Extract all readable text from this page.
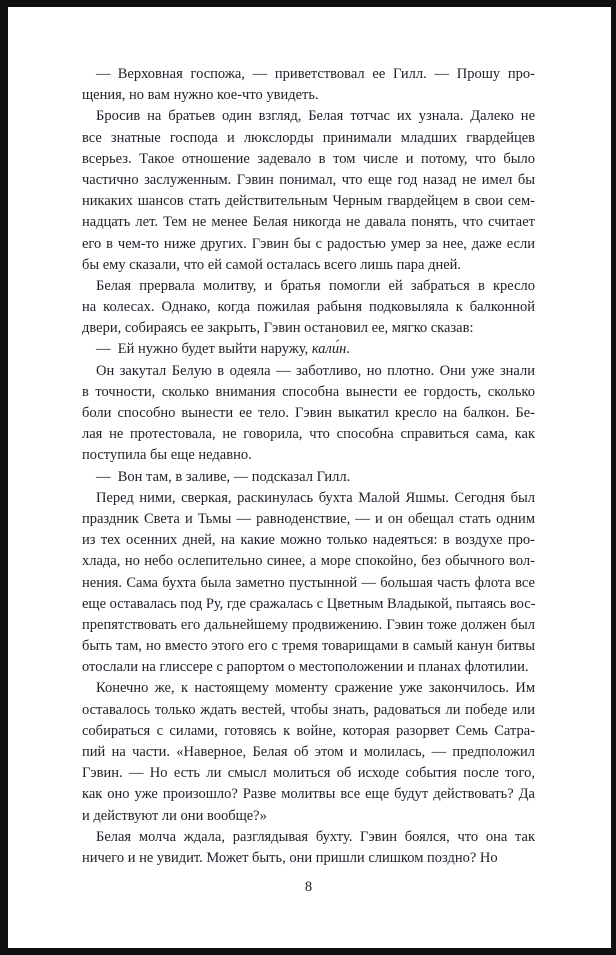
— Верховная госпожа, — приветствовал ее Гилл. — Прошу про-
щения, но вам нужно кое-что увидеть.
Бросив на братьев один взгляд, Белая тотчас их узнала. Далеко не
все знатные господа и люкслорды принимали младших гвардейцев
всерьез. Такое отношение задевало в том числе и потому, что было
частично заслуженным. Гэвин понимал, что еще год назад не имел бы
никаких шансов стать действительным Черным гвардейцем в свои сем-
надцать лет. Тем не менее Белая никогда не давала понять, что считает
его в чем-то ниже других. Гэвин бы с радостью умер за нее, даже если
бы ему сказали, что ей самой осталась всего лишь пара дней.
Белая прервала молитву, и братья помогли ей забраться в кресло
на колесах. Однако, когда пожилая рабыня подковыляла к балконной
двери, собираясь ее закрыть, Гэвин остановил ее, мягко сказав:
— Ей нужно будет выйти наружу, кали́н.
Он закутал Белую в одеяла — заботливо, но плотно. Они уже знали
в точности, сколько внимания способна вынести ее гордость, сколько
боли способно вынести ее тело. Гэвин выкатил кресло на балкон. Бе-
лая не протестовала, не говорила, что способна справиться сама, как
поступила бы еще недавно.
— Вон там, в заливе, — подсказал Гилл.
Перед ними, сверкая, раскинулась бухта Малой Яшмы. Сегодня был
праздник Света и Тьмы — равноденствие, — и он обещал стать одним
из тех осенних дней, на какие можно только надеяться: в воздухе про-
хлада, но небо ослепительно синее, а море спокойно, без обычного вол-
нения. Сама бухта была заметно пустынной — большая часть флота все
еще оставалась под Ру, где сражалась с Цветным Владыкой, пытаясь вос-
препятствовать его дальнейшему продвижению. Гэвин тоже должен был
быть там, но вместо этого его с тремя товарищами в самый канун битвы
отослали на глиссере с рапортом о местоположении и планах флотилии.
Конечно же, к настоящему моменту сражение уже закончилось. Им
оставалось только ждать вестей, чтобы знать, радоваться ли победе или
собираться с силами, готовясь к войне, которая разорвет Семь Сатра-
пий на части. «Наверное, Белая об этом и молилась, — предположил
Гэвин. — Но есть ли смысл молиться об исходе события после того,
как оно уже произошло? Разве молитвы все еще будут действовать? Да
и действуют ли они вообще?»
Белая молча ждала, разглядывая бухту. Гэвин боялся, что она так
ничего и не увидит. Может быть, они пришли слишком поздно? Но
8
